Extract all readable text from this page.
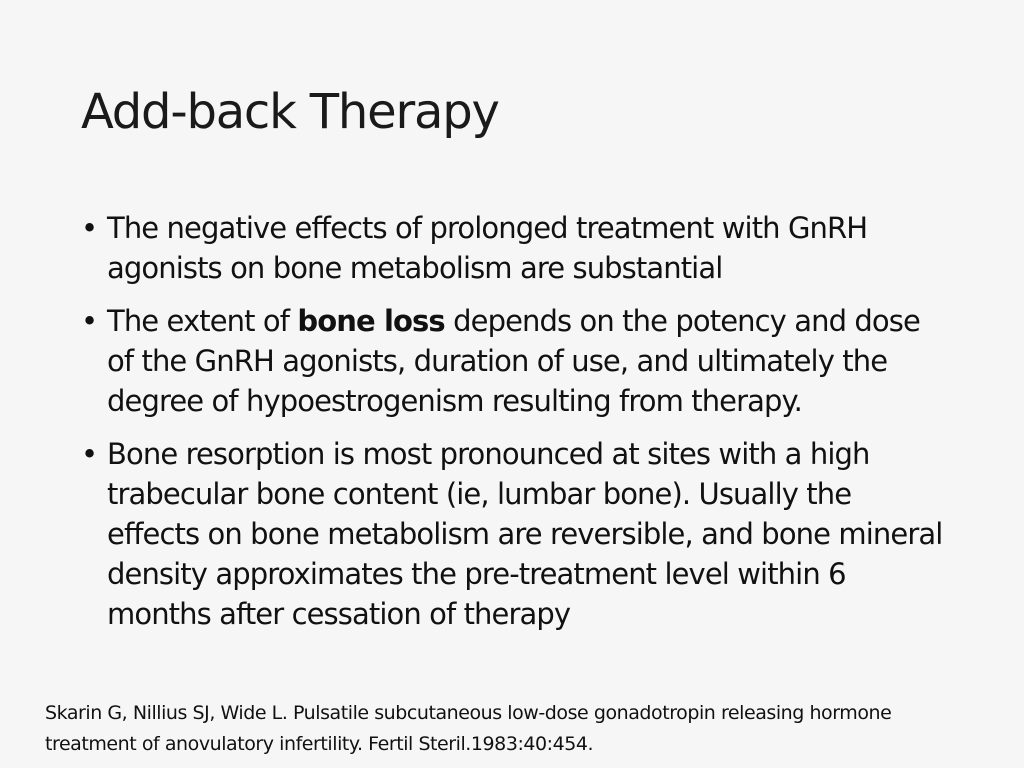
Add-back Therapy
• The negative effects of prolonged treatment with GnRH agonists on bone metabolism are substantial
• The extent of bone loss depends on the potency and dose of the GnRH agonists, duration of use, and ultimately the degree of hypoestrogenism resulting from therapy.
• Bone resorption is most pronounced at sites with a high trabecular bone content (ie, lumbar bone). Usually the effects on bone metabolism are reversible, and bone mineral density approximates the pre-treatment level within 6 months after cessation of therapy

Skarin G, Nillius SJ, Wide L. Pulsatile subcutaneous low-dose gonadotropin releasing hormone treatment of anovulatory infertility. Fertil Steril.1983:40:454.
